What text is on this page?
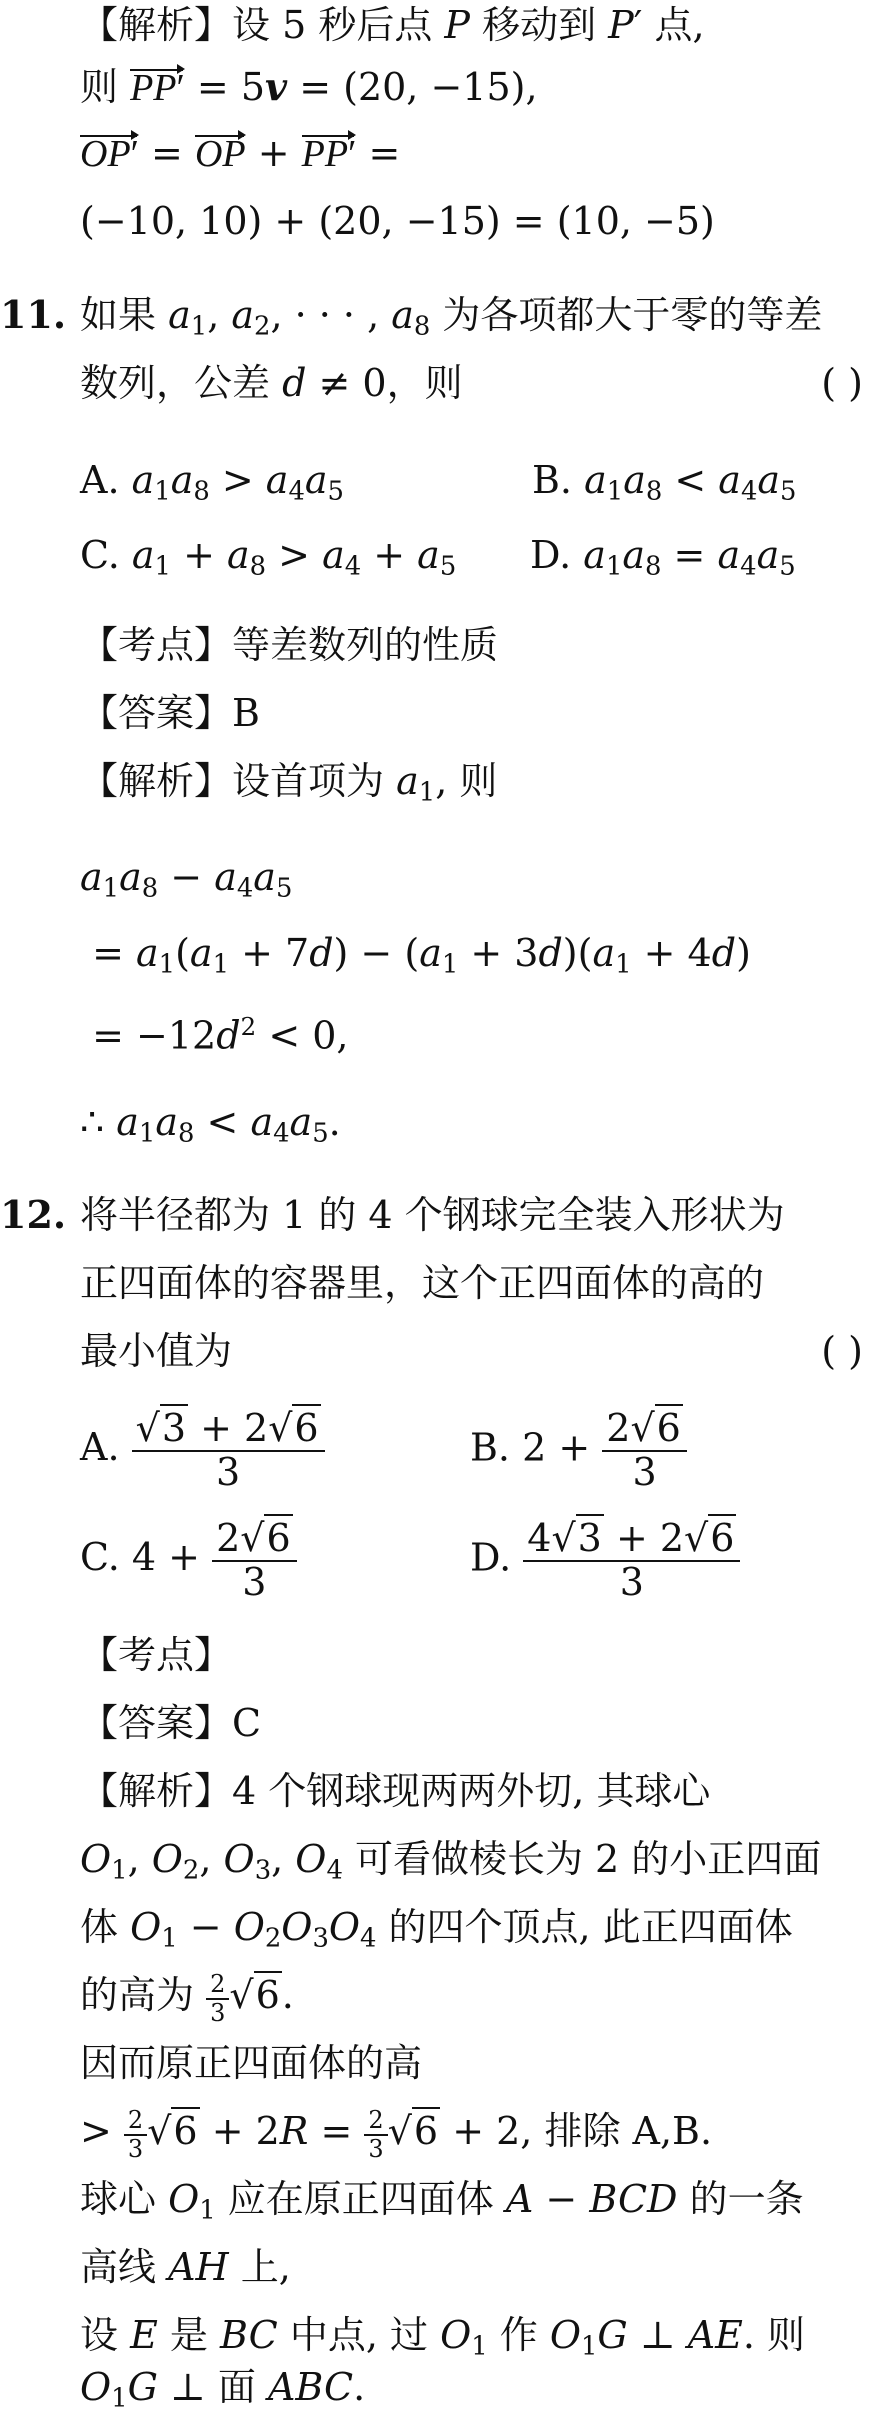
【解析】设 5 秒后点 P 移动到 P′ 点,
则 PP′ = 5v = (20, −15),
OP′ = OP + PP′ =
(−10, 10) + (20, −15) = (10, −5)
11. 如果 $a_1$, $a_2$, · · · , $a_8$ 为各项都大于零的等差
数列，公差 d ≠ 0，则	( )
A. $a_1a_8 > a_4a_5$	B. $a_1a_8 < a_4a_5$
C. $a_1 + a_8 > a_4 + a_5$ D. $a_1a_8 = a_4a_5$
【考点】等差数列的性质
【答案】B
【解析】设首项为 $a_1$, 则
$a_1a_8 - a_4a_5$
= $a_1(a_1 + 7d) - (a_1 + 3d)(a_1 + 4d)$
= $-12d^2 < 0$,
∴ $a_1a_8 < a_4a_5$.
12. 将半径都为 1 的 4 个钢球完全装入形状为
正四面体的容器里，这个正四面体的高的
最小值为	( )
A. $\frac{√3 + 2√6}{3}$	B. $2 + \frac{2√6}{3}$
C. $4 + \frac{2√6}{3}$	D. $\frac{4√3 + 2√6}{3}$
【考点】
【答案】C
【解析】4 个钢球现两两外切, 其球心
$O_1$, $O_2$, $O_3$, $O_4$ 可看做棱长为 2 的小正四面
体 $O_1 - O_2O_3O_4$ 的四个顶点, 此正四面体
的高为 $\frac{2}{3} √6$.
因而原正四面体的高
> $\frac{2}{3} √6 + 2R = \frac{2}{3} √6 + 2$, 排除 A,B.
球心 $O_1$ 应在原正四面体 A − BCD 的一条
高线 AH 上,
设 E 是 BC 中点, 过 $O_1$ 作 $O_1G$ ⊥ AE. 则
$O_1G$ ⊥ 面 ABC.
